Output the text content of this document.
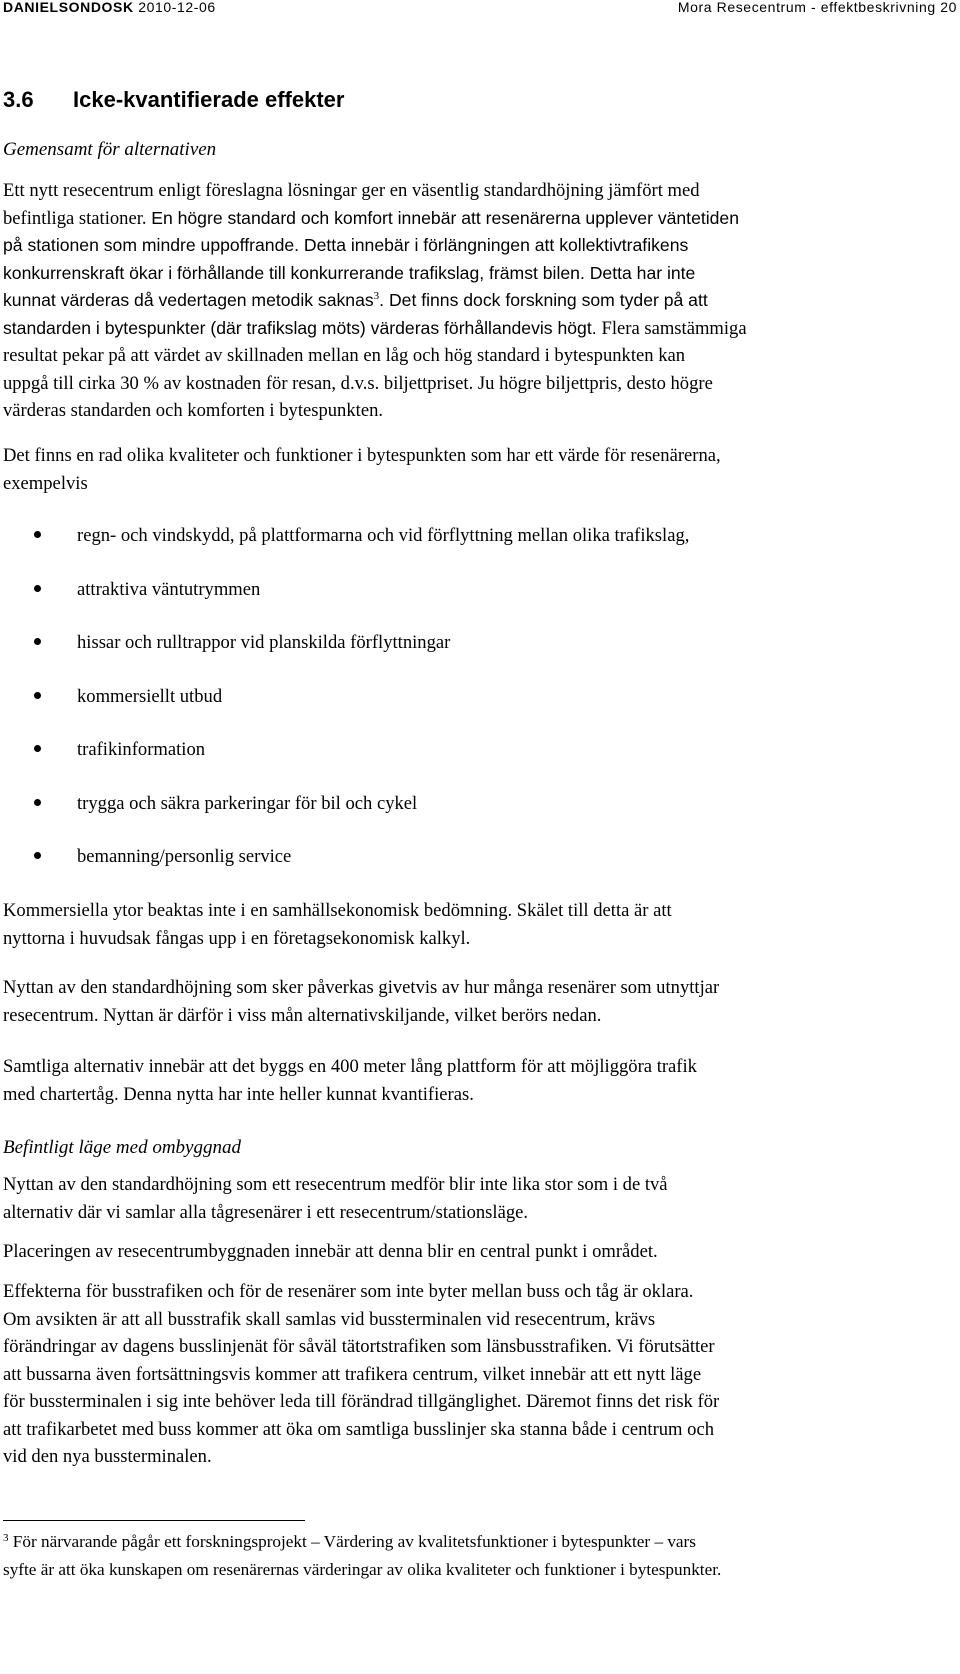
DANIELSONDOSK 2010-12-06	Mora Resecentrum - effektbeskrivning 20
3.6 Icke-kvantifierade effekter

Gemensamt för alternativen

Ett nytt resecentrum enligt föreslagna lösningar ger en väsentlig standardhöjning jämfört med
befintliga stationer. En högre standard och komfort innebär att resenärerna upplever väntetiden
på stationen som mindre uppoffrande. Detta innebär i förlängningen att kollektivtrafikens
konkurrenskraft ökar i förhållande till konkurrerande trafikslag, främst bilen. Detta har inte
kunnat värderas då vedertagen metodik saknas$^3$. Det finns dock forskning som tyder på att
standarden i bytespunkter (där trafikslag möts) värderas förhållandevis högt. Flera samstämmiga
resultat pekar på att värdet av skillnaden mellan en låg och hög standard i bytespunkten kan
uppgå till cirka 30 % av kostnaden för resan, d.v.s. biljettpriset. Ju högre biljettpris, desto högre
värderas standarden och komforten i bytespunkten.

Det finns en rad olika kvaliteter och funktioner i bytespunkten som har ett värde för resenärerna,
exempelvis

regn- och vindskydd, på plattformarna och vid förflyttning mellan olika trafikslag,
attraktiva väntutrymmen
hissar och rulltrappor vid planskilda förflyttningar
kommersiellt utbud
trafikinformation
trygga och säkra parkeringar för bil och cykel
bemanning/personlig service

Kommersiella ytor beaktas inte i en samhällsekonomisk bedömning. Skälet till detta är att
nyttorna i huvudsak fångas upp i en företagsekonomisk kalkyl.

Nyttan av den standardhöjning som sker påverkas givetvis av hur många resenärer som utnyttjar
resecentrum. Nyttan är därför i viss mån alternativskiljande, vilket berörs nedan.

Samtliga alternativ innebär att det byggs en 400 meter lång plattform för att möjliggöra trafik
med chartertåg. Denna nytta har inte heller kunnat kvantifieras.

Befintligt läge med ombyggnad

Nyttan av den standardhöjning som ett resecentrum medför blir inte lika stor som i de två
alternativ där vi samlar alla tågresenärer i ett resecentrum/stationsläge.

Placeringen av resecentrumbyggnaden innebär att denna blir en central punkt i området.

Effekterna för busstrafiken och för de resenärer som inte byter mellan buss och tåg är oklara.
Om avsikten är att all busstrafik skall samlas vid bussterminalen vid resecentrum, krävs
förändringar av dagens busslinjenät för såväl tätortstrafiken som länsbusstrafiken. Vi förutsätter
att bussarna även fortsättningsvis kommer att trafikera centrum, vilket innebär att ett nytt läge
för bussterminalen i sig inte behöver leda till förändrad tillgänglighet. Däremot finns det risk för
att trafikarbetet med buss kommer att öka om samtliga busslinjer ska stanna både i centrum och
vid den nya bussterminalen.

$^3$ För närvarande pågår ett forskningsprojekt – Värdering av kvalitetsfunktioner i bytespunkter – vars
syfte är att öka kunskapen om resenärernas värderingar av olika kvaliteter och funktioner i bytespunkter.
